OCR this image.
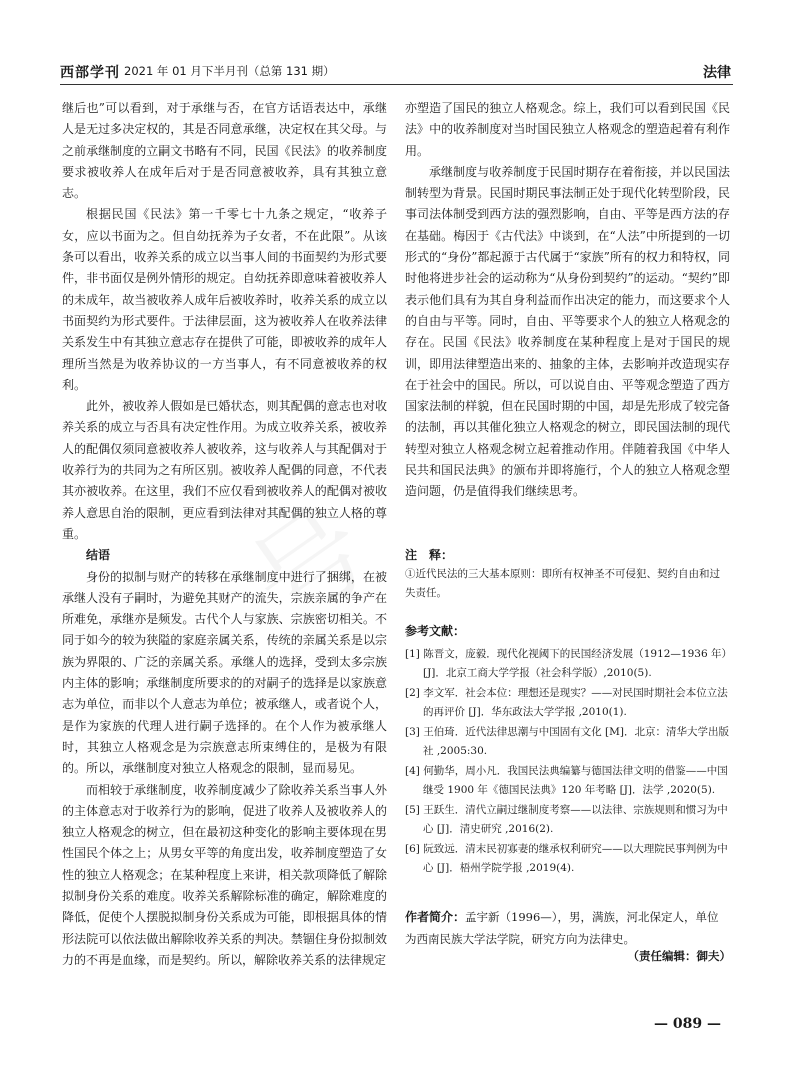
西部学刊 2021 年 01 月下半月刊（总第 131 期）	法律

继后也”可以看到，对于承继与否，在官方话语表达中，承继人是无过多决定权的，其是否同意承继，决定权在其父母。与之前承继制度的立嗣文书略有不同，民国《民法》的收养制度要求被收养人在成年后对于是否同意被收养，具有其独立意志。

根据民国《民法》第一千零七十九条之规定，“收养子女，应以书面为之。但自幼抚养为子女者，不在此限”。从该条可以看出，收养关系的成立以当事人间的书面契约为形式要件，非书面仅是例外情形的规定。自幼抚养即意味着被收养人的未成年，故当被收养人成年后被收养时，收养关系的成立以书面契约为形式要件。于法律层面，这为被收养人在收养法律关系发生中有其独立意志存在提供了可能，即被收养的成年人理所当然是为收养协议的一方当事人，有不同意被收养的权利。

此外，被收养人假如是已婚状态，则其配偶的意志也对收养关系的成立与否具有决定性作用。为成立收养关系，被收养人的配偶仅须同意被收养人被收养，这与收养人与其配偶对于收养行为的共同为之有所区别。被收养人配偶的同意，不代表其亦被收养。在这里，我们不应仅看到被收养人的配偶对被收养人意思自治的限制，更应看到法律对其配偶的独立人格的尊重。

结语

身份的拟制与财产的转移在承继制度中进行了捆绑，在被承继人没有子嗣时，为避免其财产的流失，宗族亲属的争产在所难免，承继亦是频发。古代个人与家族、宗族密切相关。不同于如今的较为狭隘的家庭亲属关系，传统的亲属关系是以宗族为界限的、广泛的亲属关系。承继人的选择，受到太多宗族内主体的影响；承继制度所要求的的对嗣子的选择是以家族意志为单位，而非以个人意志为单位；被承继人，或者说个人，是作为家族的代理人进行嗣子选择的。在个人作为被承继人时，其独立人格观念是为宗族意志所束缚住的，是极为有限的。所以，承继制度对独立人格观念的限制，显而易见。

而相较于承继制度，收养制度减少了除收养关系当事人外的主体意志对于收养行为的影响，促进了收养人及被收养人的独立人格观念的树立，但在最初这种变化的影响主要体现在男性国民个体之上；从男女平等的角度出发，收养制度塑造了女性的独立人格观念；在某种程度上来讲，相关款项降低了解除拟制身份关系的难度。收养关系解除标准的确定，解除难度的降低，促使个人摆脱拟制身份关系成为可能，即根据具体的情形法院可以依法做出解除收养关系的判决。禁锢住身份拟制效力的不再是血缘，而是契约。所以，解除收养关系的法律规定

亦塑造了国民的独立人格观念。综上，我们可以看到民国《民法》中的收养制度对当时国民独立人格观念的塑造起着有利作用。

承继制度与收养制度于民国时期存在着衔接，并以民国法制转型为背景。民国时期民事法制正处于现代化转型阶段，民事司法体制受到西方法的强烈影响，自由、平等是西方法的存在基础。梅因于《古代法》中谈到，在“人法”中所提到的一切形式的“身份”都起源于古代属于“家族”所有的权力和特权，同时他将进步社会的运动称为“从身份到契约”的运动。“契约”即表示他们具有为其自身利益而作出决定的能力，而这要求个人的自由与平等。同时，自由、平等要求个人的独立人格观念的存在。民国《民法》收养制度在某种程度上是对于国民的规训，即用法律塑造出来的、抽象的主体，去影响并改造现实存在于社会中的国民。所以，可以说自由、平等观念塑造了西方国家法制的样貌，但在民国时期的中国，却是先形成了较完备的法制，再以其催化独立人格观念的树立，即民国法制的现代转型对独立人格观念树立起着推动作用。伴随着我国《中华人民共和国民法典》的颁布并即将施行，个人的独立人格观念塑造问题，仍是值得我们继续思考。

注　释：

①近代民法的三大基本原则：即所有权神圣不可侵犯、契约自由和过失责任。

参考文献：
[1] 陈晋文，庞毅．现代化视阈下的民国经济发展（1912—1936 年）[J]．北京工商大学学报（社会科学版）,2010(5).
[2] 李文军．社会本位：理想还是现实？——对民国时期社会本位立法的再评价 [J]．华东政法大学学报 ,2010(1).
[3] 王伯琦．近代法律思潮与中国固有文化 [M]．北京：清华大学出版社 ,2005:30.
[4] 何勤华，周小凡．我国民法典编纂与德国法律文明的借鉴——中国继受 1900 年《德国民法典》120 年考略 [J]．法学 ,2020(5).
[5] 王跃生．清代立嗣过继制度考察——以法律、宗族规则和惯习为中心 [J]．清史研究 ,2016(2).
[6] 阮致远．清末民初寡妻的继承权利研究——以大理院民事判例为中心 [J]．梧州学院学报 ,2019(4).
作者简介：孟宇新（1996—），男，满族，河北保定人，单位为西南民族大学法学院，研究方向为法律史。
（责任编辑：御夫）
— 089 —
